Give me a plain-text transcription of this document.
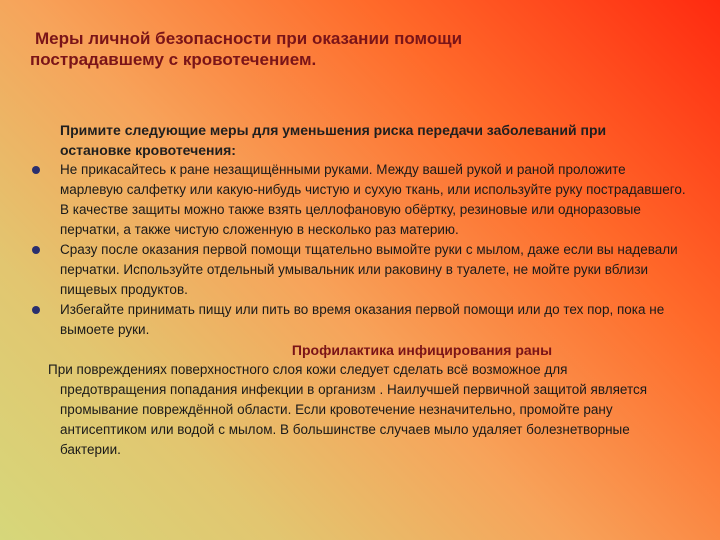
Меры личной безопасности при оказании помощи
пострадавшему с кровотечением.
Примите следующие меры для уменьшения риска передачи заболеваний при
остановке кровотечения:
Не прикасайтесь к ране незащищёнными руками. Между вашей рукой и раной проложите марлевую салфетку или какую-нибудь чистую и сухую ткань, или используйте руку пострадавшего. В качестве защиты можно также взять целлофановую обёртку, резиновые или одноразовые перчатки, а также чистую сложенную в несколько раз материю.
Сразу после оказания первой помощи тщательно вымойте руки с мылом, даже если вы надевали перчатки. Используйте отдельный умывальник или раковину в туалете, не мойте руки вблизи пищевых продуктов.
Избегайте принимать пищу или пить во время оказания первой помощи или до тех пор, пока не вымоете руки.
Профилактика инфицирования раны
При повреждениях поверхностного слоя кожи следует сделать всё возможное для
предотвращения попадания инфекции в организм . Наилучшей первичной защитой является промывание повреждённой области. Если кровотечение незначительно, промойте рану антисептиком или водой с мылом. В большинстве случаев мыло удаляет болезнетворные бактерии.
